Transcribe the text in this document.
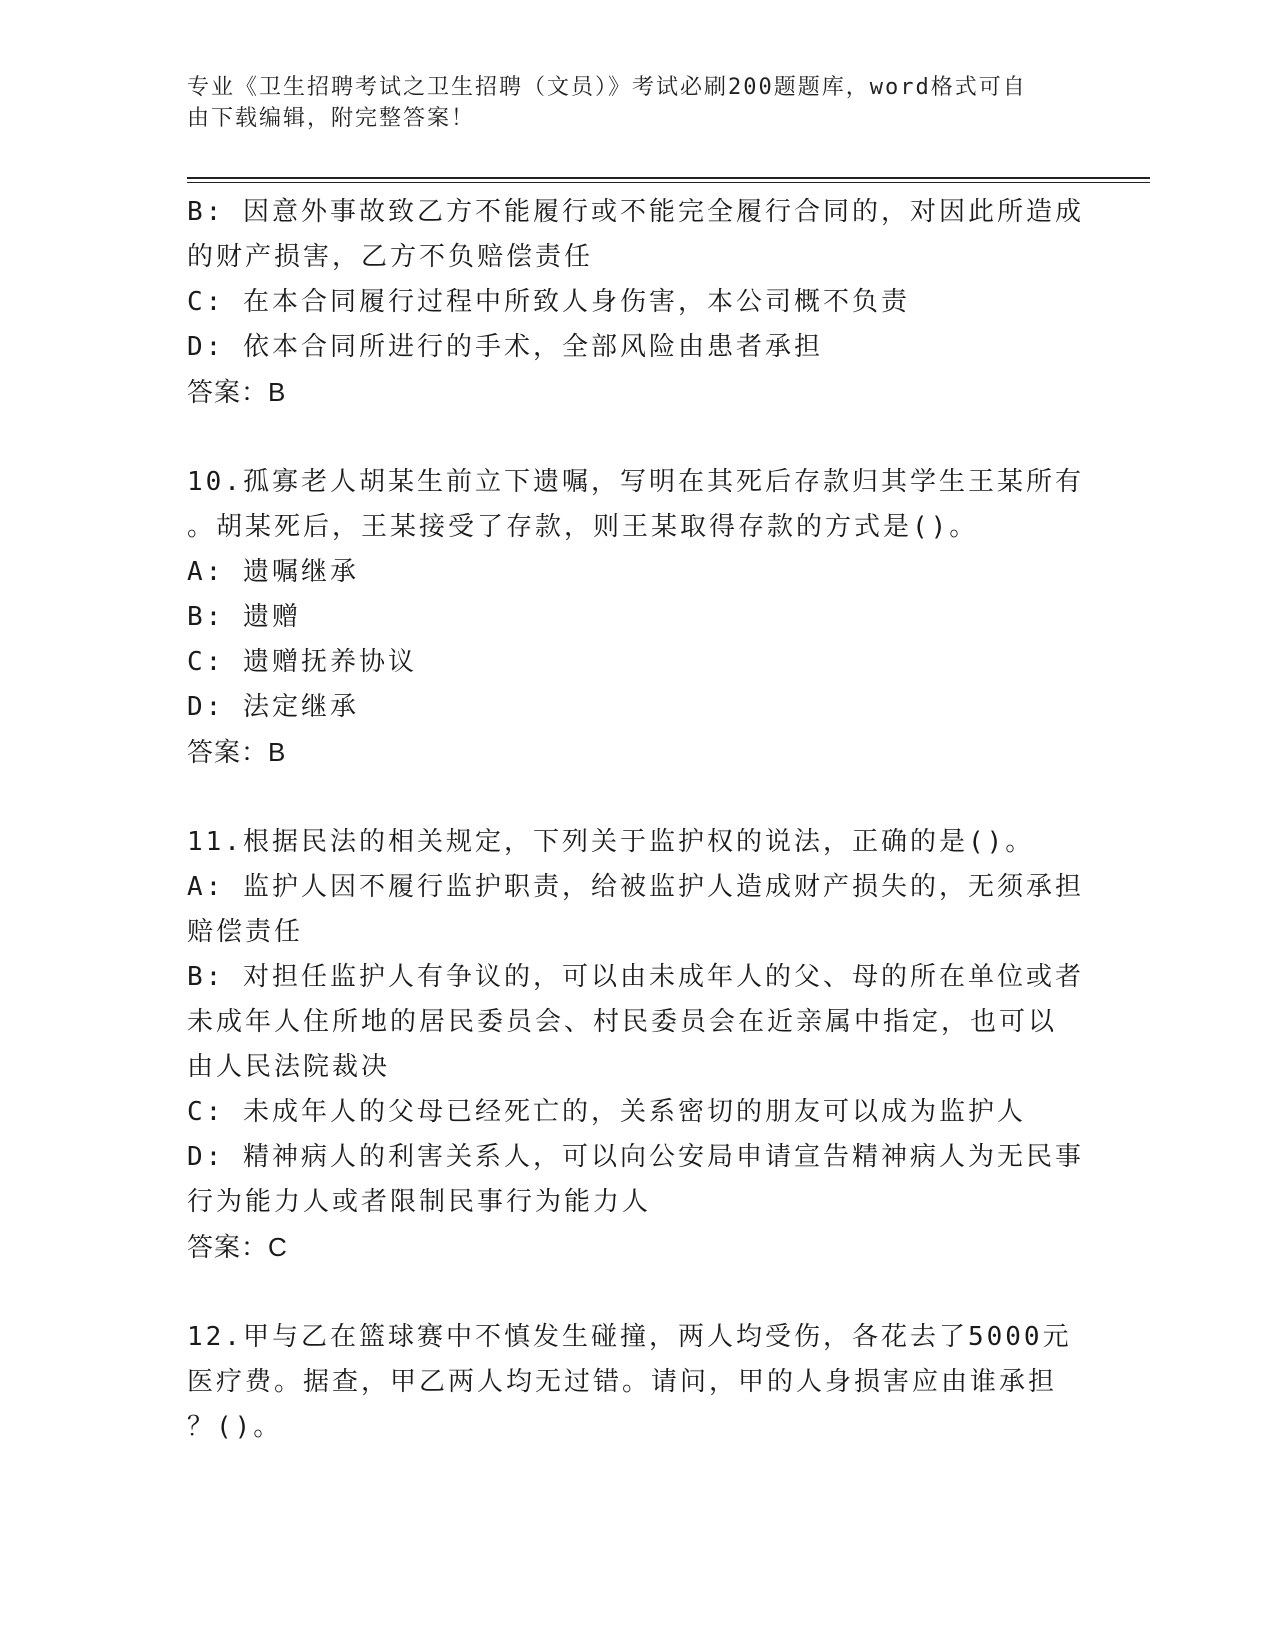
专业《卫生招聘考试之卫生招聘（文员）》考试必刷200题题库，word格式可自
由下载编辑，附完整答案！
B: 因意外事故致乙方不能履行或不能完全履行合同的，对因此所造成
的财产损害，乙方不负赔偿责任
C: 在本合同履行过程中所致人身伤害，本公司概不负责
D: 依本合同所进行的手术，全部风险由患者承担
答案：B
10.孤寡老人胡某生前立下遗嘱，写明在其死后存款归其学生王某所有
。胡某死后，王某接受了存款，则王某取得存款的方式是()。
A: 遗嘱继承
B: 遗赠
C: 遗赠抚养协议
D: 法定继承
答案：B
11.根据民法的相关规定，下列关于监护权的说法，正确的是()。
A: 监护人因不履行监护职责，给被监护人造成财产损失的，无须承担
赔偿责任
B: 对担任监护人有争议的，可以由未成年人的父、母的所在单位或者
未成年人住所地的居民委员会、村民委员会在近亲属中指定，也可以
由人民法院裁决
C: 未成年人的父母已经死亡的，关系密切的朋友可以成为监护人
D: 精神病人的利害关系人，可以向公安局申请宣告精神病人为无民事
行为能力人或者限制民事行为能力人
答案：C
12.甲与乙在篮球赛中不慎发生碰撞，两人均受伤，各花去了5000元
医疗费。据查，甲乙两人均无过错。请问，甲的人身损害应由谁承担
？()。
